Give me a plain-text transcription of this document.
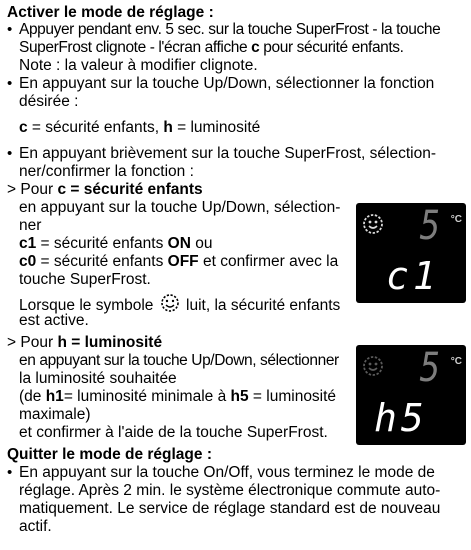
Activer le mode de réglage :
• Appuyer pendant env. 5 sec. sur la touche SuperFrost - la touche
SuperFrost clignote - l'écran affiche c pour sécurité enfants.
Note : la valeur à modifier clignote.
• En appuyant sur la touche Up/Down, sélectionner la fonction
désirée :
c = sécurité enfants, h = luminosité
• En appuyant brièvement sur la touche SuperFrost, sélection-
ner/confirmer la fonction :
> Pour c = sécurité enfants
en appuyant sur la touche Up/Down, sélection-
ner
c1 = sécurité enfants ON ou
c0 = sécurité enfants OFF et confirmer avec la
touche SuperFrost.
Lorsque le symbole luit, la sécurité enfants
est active.
5 °C
c1
> Pour h = luminosité
en appuyant sur la touche Up/Down, sélectionner
la luminosité souhaitée
(de h1= luminosité minimale à h5 = luminosité
maximale)
et confirmer à l'aide de la touche SuperFrost.
5 °C
h5
Quitter le mode de réglage :
• En appuyant sur la touche On/Off, vous terminez le mode de
réglage. Après 2 min. le système électronique commute auto-
matiquement. Le service de réglage standard est de nouveau
actif.
